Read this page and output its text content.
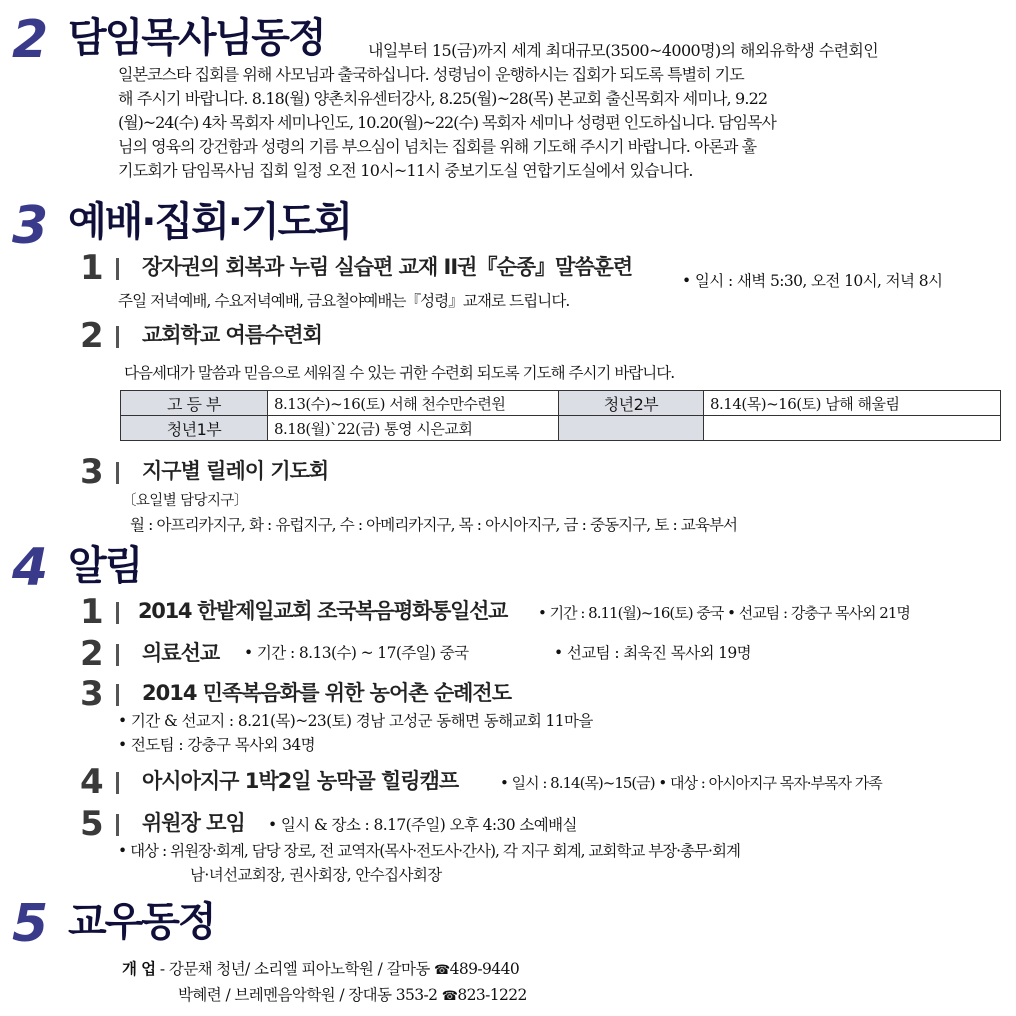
2 담임목사님동정	내일부터 15(금)까지 세계 최대규모(3500~4000명)의 해외유학생 수련회인
일본코스타 집회를 위해 사모님과 출국하십니다. 성령님이 운행하시는 집회가 되도록 특별히 기도
해 주시기 바랍니다. 8.18(월) 양촌치유센터강사, 8.25(월)~28(목) 본교회 출신목회자 세미나, 9.22
(월)~24(수) 4차 목회자 세미나인도, 10.20(월)~22(수) 목회자 세미나 성령편 인도하십니다. 담임목사
님의 영육의 강건함과 성령의 기름 부으심이 넘치는 집회를 위해 기도해 주시기 바랍니다. 아론과 훌
기도회가 담임목사님 집회 일정 오전 10시~11시 중보기도실 연합기도실에서 있습니다.
3 예배·집회·기도회
1 장자권의 회복과 누림 실습편 교재 II권『순종』말씀훈련
• 일시 : 새벽 5:30, 오전 10시, 저녁 8시
주일 저녁예배, 수요저녁예배, 금요철야예배는『성령』교재로 드립니다.
2 교회학교 여름수련회
다음세대가 말씀과 믿음으로 세워질 수 있는 귀한 수련회 되도록 기도해 주시기 바랍니다.
고 등 부	8.13(수)~16(토) 서해 천수만수련원	청년2부	8.14(목)~16(토) 남해 해울림
청년1부	8.18(월)`22(금) 통영 시은교회		
3 지구별 릴레이 기도회
〔요일별 담당지구〕
월 : 아프리카지구, 화 : 유럽지구, 수 : 아메리카지구, 목 : 아시아지구, 금 : 중동지구, 토 : 교육부서
4 알림
1 2014 한밭제일교회 조국복음평화통일선교 • 기간 : 8.11(월)~16(토) 중국 • 선교팀 : 강충구 목사외 21명
2 의료선교 • 기간 : 8.13(수) ~ 17(주일) 중국	• 선교팀 : 최욱진 목사외 19명
3 2014 민족복음화를 위한 농어촌 순례전도
• 기간 & 선교지 : 8.21(목)~23(토) 경남 고성군 동해면 동해교회 11마을
• 전도팀 : 강충구 목사외 34명
4 아시아지구 1박2일 농막골 힐링캠프	• 일시 : 8.14(목)~15(금) • 대상 : 아시아지구 목자·부목자 가족
5 위원장 모임 • 일시 & 장소 : 8.17(주일) 오후 4:30 소예배실
• 대상 : 위원장·회계, 담당 장로, 전 교역자(목사·전도사·간사), 각 지구 회계, 교회학교 부장·총무·회계
남·녀선교회장, 권사회장, 안수집사회장
5 교우동정
개 업 - 강문채 청년/ 소리엘 피아노학원 / 갈마동 ☎489-9440
박혜련 / 브레멘음악학원 / 장대동 353-2 ☎823-1222
